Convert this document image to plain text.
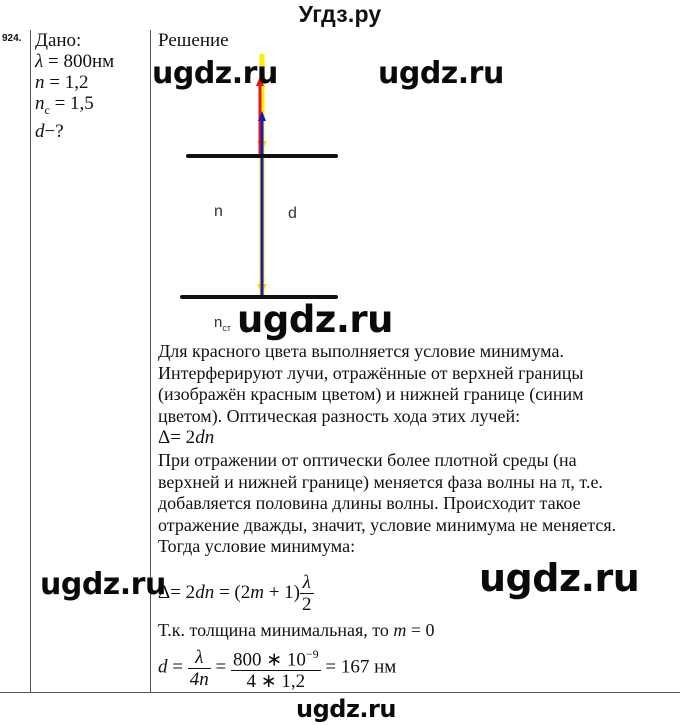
Угдз.ру
924. Дано:
λ = 800нм
n = 1,2
$n_с = 1,5$
d−?
Решение
n	d
$n_{ст}$
Для красного цвета выполняется условие минимума.
Интерферируют лучи, отражённые от верхней границы
(изображён красным цветом) и нижней границе (синим
цветом). Оптическая разность хода этих лучей:
Δ= 2dn
При отражении от оптически более плотной среды (на
верхней и нижней границе) меняется фаза волны на π, т.е.
добавляется половина длины волны. Происходит такое
отражение дважды, значит, условие минимума не меняется.
Тогда условие минимума:
$\Delta= 2dn = (2m + 1) \frac{\lambda}{2}$
Т.к. толщина минимальная, то m = 0
$d = \frac{\lambda}{4n} = \frac{800 ∗ 10^{-9}}{4 ∗ 1,2} = 167$ нм
ugdz.ru	ugdz.ru
ugdz.ru
ugdz.ru	ugdz.ru
ugdz.ru
